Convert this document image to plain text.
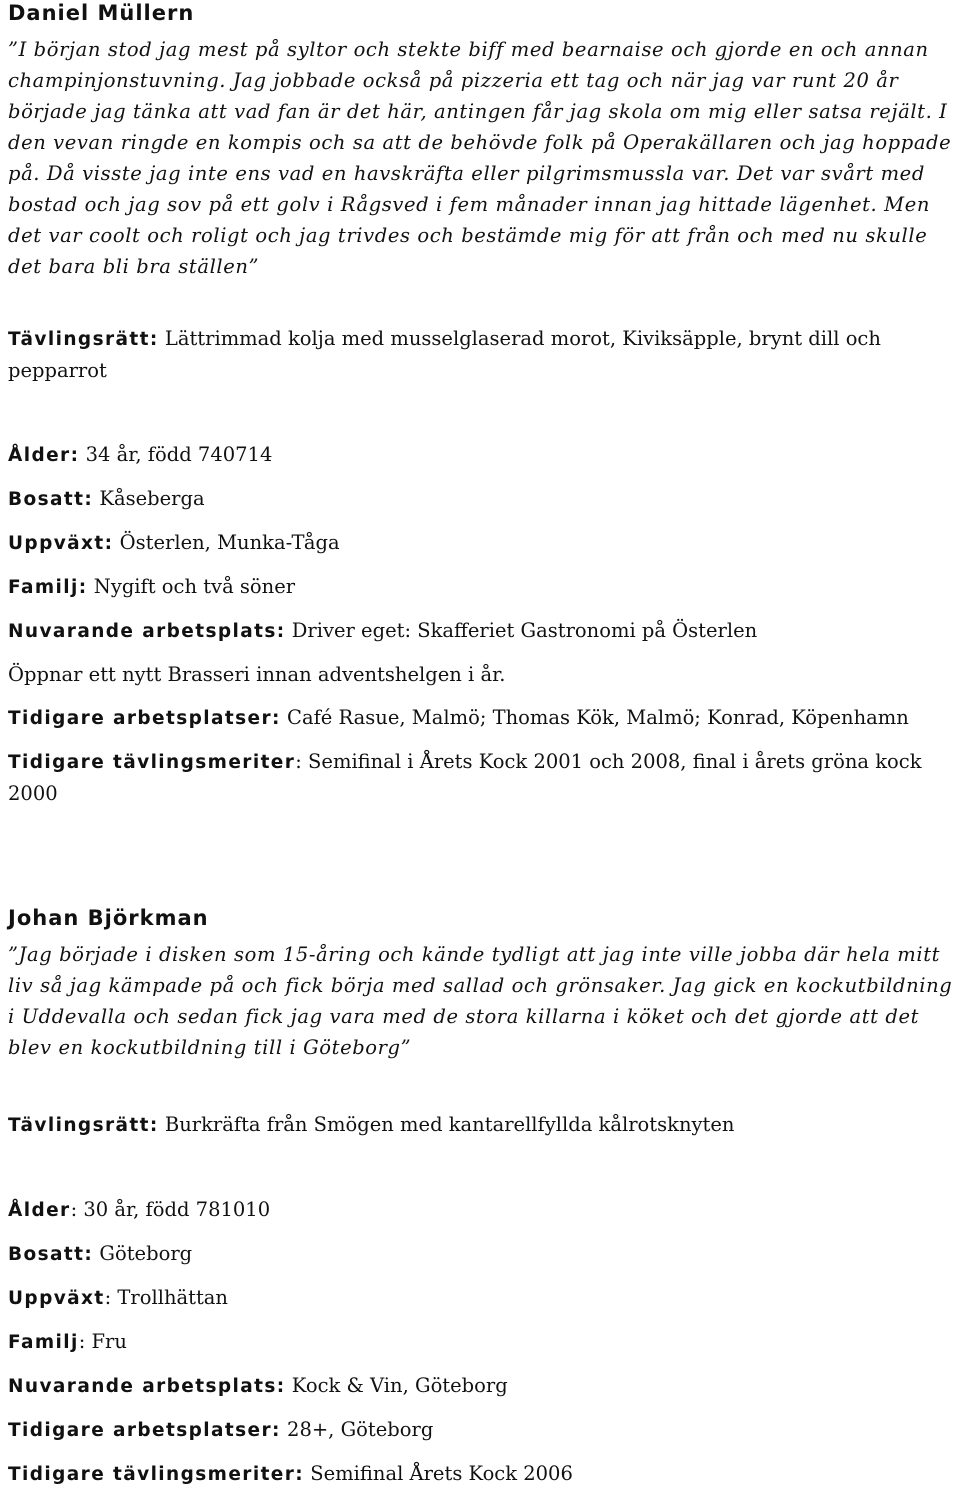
Daniel Müllern

”I början stod jag mest på syltor och stekte biff med bearnaise och gjorde en och annan champinjonstuvning. Jag jobbade också på pizzeria ett tag och när jag var runt 20 år började jag tänka att vad fan är det här, antingen får jag skola om mig eller satsa rejält. I den vevan ringde en kompis och sa att de behövde folk på Operakällaren och jag hoppade på. Då visste jag inte ens vad en havskräfta eller pilgrimsmussla var. Det var svårt med bostad och jag sov på ett golv i Rågsved i fem månader innan jag hittade lägenhet. Men det var coolt och roligt och jag trivdes och bestämde mig för att från och med nu skulle det bara bli bra ställen”

Tävlingsrätt: Lättrimmad kolja med musselglaserad morot, Kiviksäpple, brynt dill och pepparrot

Ålder: 34 år, född 740714

Bosatt: Kåseberga

Uppväxt: Österlen, Munka-Tåga

Familj: Nygift och två söner

Nuvarande arbetsplats: Driver eget: Skafferiet Gastronomi på Österlen

Öppnar ett nytt Brasseri innan adventshelgen i år.

Tidigare arbetsplatser: Café Rasue, Malmö; Thomas Kök, Malmö; Konrad, Köpenhamn

Tidigare tävlingsmeriter: Semifinal i Årets Kock 2001 och 2008, final i årets gröna kock 2000

Johan Björkman

”Jag började i disken som 15-åring och kände tydligt att jag inte ville jobba där hela mitt liv så jag kämpade på och fick börja med sallad och grönsaker. Jag gick en kockutbildning i Uddevalla och sedan fick jag vara med de stora killarna i köket och det gjorde att det blev en kockutbildning till i Göteborg”

Tävlingsrätt: Burkräfta från Smögen med kantarellfyllda kålrotsknyten

Ålder: 30 år, född 781010

Bosatt: Göteborg

Uppväxt: Trollhättan

Familj: Fru

Nuvarande arbetsplats: Kock & Vin, Göteborg

Tidigare arbetsplatser: 28+, Göteborg

Tidigare tävlingsmeriter: Semifinal Årets Kock 2006
